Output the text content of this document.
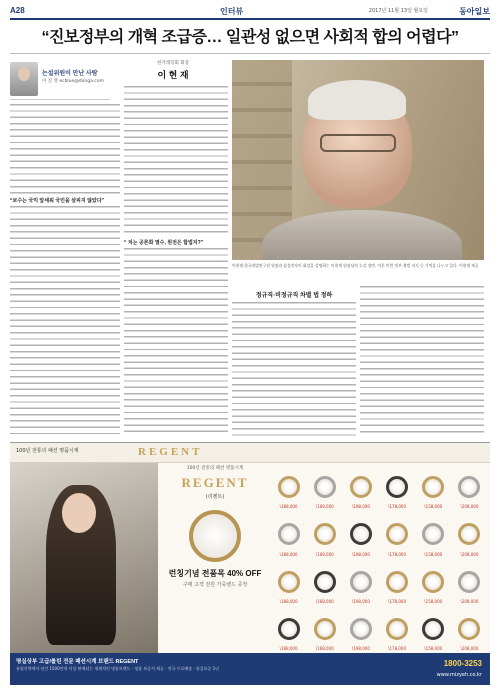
A28	인터뷰	2017년 11월 13일 월요일	동아일보
“진보정부의 개혁 조급증… 일관성 없으면 사회적 합의 어렵다”
논설위원이 만난 사람
이 진 영 ecblue@donga.com
한겨레학회 회장
이 현 재
“보수는 국익 앞세워 국민을 살피지 않았다”
“ 치는 공론화 열수, 원전은 합법지?”
이현재 한국개발연구원 원장과 삼성전자이 회장을 설명하는 이현재 원장님의 소감 장면. 이후 이번 정부 출범 지지 등 기억을 나누고 있다. 이현재 제공
정규직·비정규직 차별 법 정하
100년 전통의 패션 명품시계	REGENT
100년 전통의 패션 명품시계
REGENT
(리젠트)
런칭기념 전품목 40% OFF
구매 고객 전원 가죽밴드 증정
\188,000	\168,000	\198,000	\178,000	\158,000	\208,000
\188,000	\168,000	\198,000	\178,000	\158,000	\208,000
\188,000	\168,000	\198,000	\178,000	\158,000	\208,000
\188,000	\168,000	\198,000	\178,000	\158,000	\208,000
명실상부 고급/롤린 전문 패션시계 브랜드 REGENT
유럽진역에서 년간 1500만개 이상 판매되는 세계적인 명품브랜드 · 정품 보증서 제공 · 전국 무료배송 · 품질보증 1년
1800-3253
www.mizyeh.co.kr
